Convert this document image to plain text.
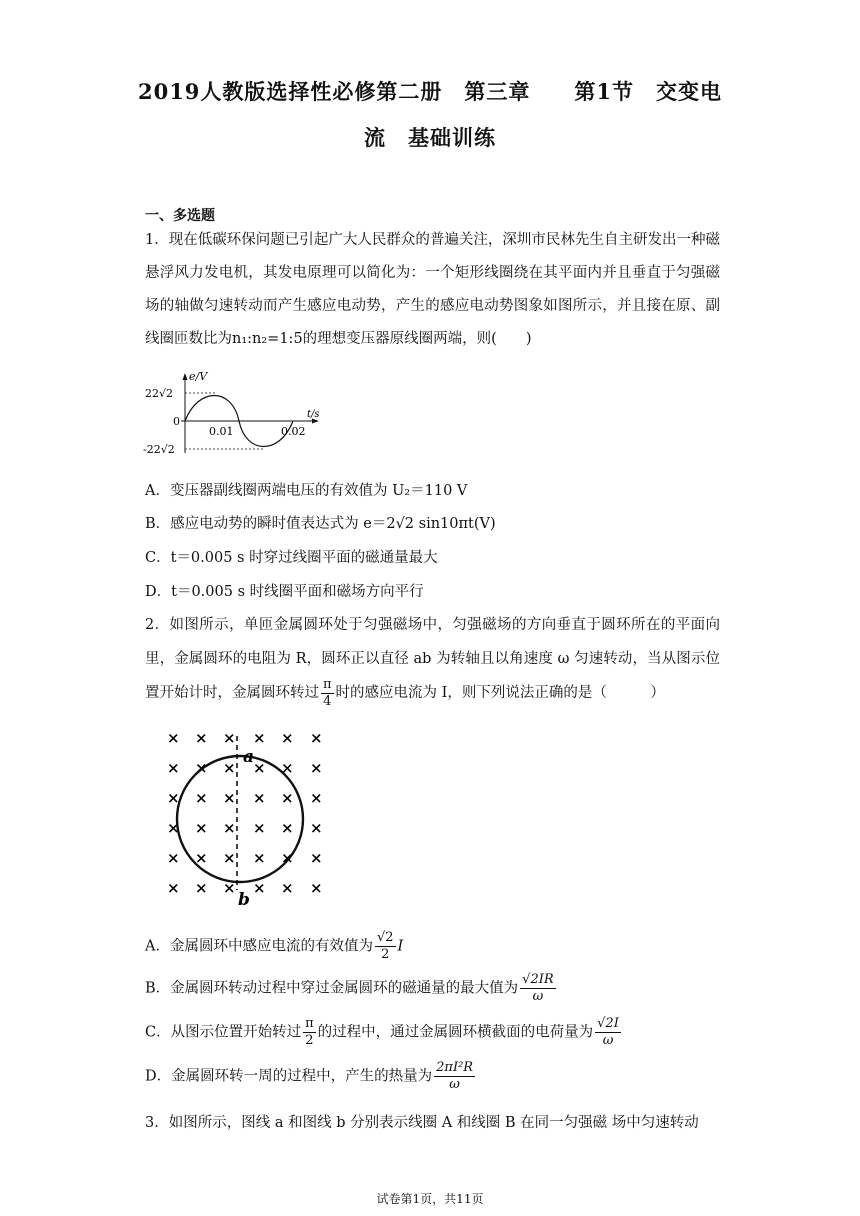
2019人教版选择性必修第二册　第三章　　第1节　交变电
流　基础训练
一、多选题
1．现在低碳环保问题已引起广大人民群众的普遍关注，深圳市民林先生自主研发出一种磁悬浮风力发电机，其发电原理可以简化为：一个矩形线圈绕在其平面内并且垂直于匀强磁场的轴做匀速转动而产生感应电动势，产生的感应电动势图象如图所示，并且接在原、副线圈匝数比为n₁:n₂=1:5的理想变压器原线圈两端，则(　　)
e/V
t/s
22√2
-22√2
0
0.01	0.02
A．变压器副线圈两端电压的有效值为 U₂＝110 V
B．感应电动势的瞬时值表达式为 e＝2√2 sin10πt(V)
C．t＝0.005 s 时穿过线圈平面的磁通量最大
D．t＝0.005 s 时线圈平面和磁场方向平行
2．如图所示，单匝金属圆环处于匀强磁场中，匀强磁场的方向垂直于圆环所在的平面向里，金属圆环的电阻为 R，圆环正以直径 ab 为转轴且以角速度 ω 匀速转动，当从图示位置开始计时，金属圆环转过 $\frac{\pi}{4}$ 时的感应电流为 I，则下列说法正确的是（　　　）
× × × × × ×
× × × × × ×
× × × × × ×
× × × × × ×
× × × × × ×
× × × × × ×
a
b
A．金属圆环中感应电流的有效值为 $\frac{√2}{2}$ I
B．金属圆环转动过程中穿过金属圆环的磁通量的最大值为 $\frac{√2IR}{\omega}$
C．从图示位置开始转过 $\frac{\pi}{2}$ 的过程中，通过金属圆环横截面的电荷量为 $\frac{√2I}{\omega}$
D．金属圆环转一周的过程中，产生的热量为 $\frac{\text{2πI²R}}{\omega}$
3．如图所示，图线 a 和图线 b 分别表示线圈 A 和线圈 B 在同一匀强磁 场中匀速转动
试卷第1页，共11页
